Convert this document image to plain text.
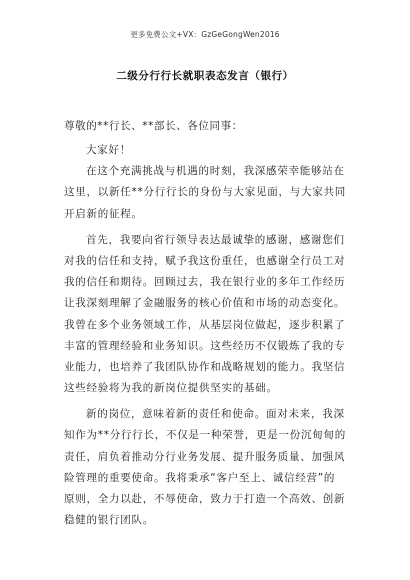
更多免费公文+VX：GzGeGongWen2016
二级分行行长就职表态发言（银行）
尊敬的**行长、**部长、各位同事：
大家好！
在这个充满挑战与机遇的时刻，我深感荣幸能够站在
这里，以新任**分行行长的身份与大家见面，与大家共同
开启新的征程。
首先，我要向省行领导表达最诚挚的感谢，感谢您们
对我的信任和支持，赋予我这份重任，也感谢全行员工对
我的信任和期待。回顾过去，我在银行业的多年工作经历
让我深刻理解了金融服务的核心价值和市场的动态变化。
我曾在多个业务领域工作，从基层岗位做起，逐步积累了
丰富的管理经验和业务知识。这些经历不仅锻炼了我的专
业能力，也培养了我团队协作和战略规划的能力。我坚信
这些经验将为我的新岗位提供坚实的基础。
新的岗位，意味着新的责任和使命。面对未来，我深
知作为**分行行长，不仅是一种荣誉，更是一份沉甸甸的
责任，肩负着推动分行业务发展、提升服务质量、加强风
险管理的重要使命。我将秉承“客户至上、诚信经营”的
原则，全力以赴，不辱使命，致力于打造一个高效、创新
稳健的银行团队。
